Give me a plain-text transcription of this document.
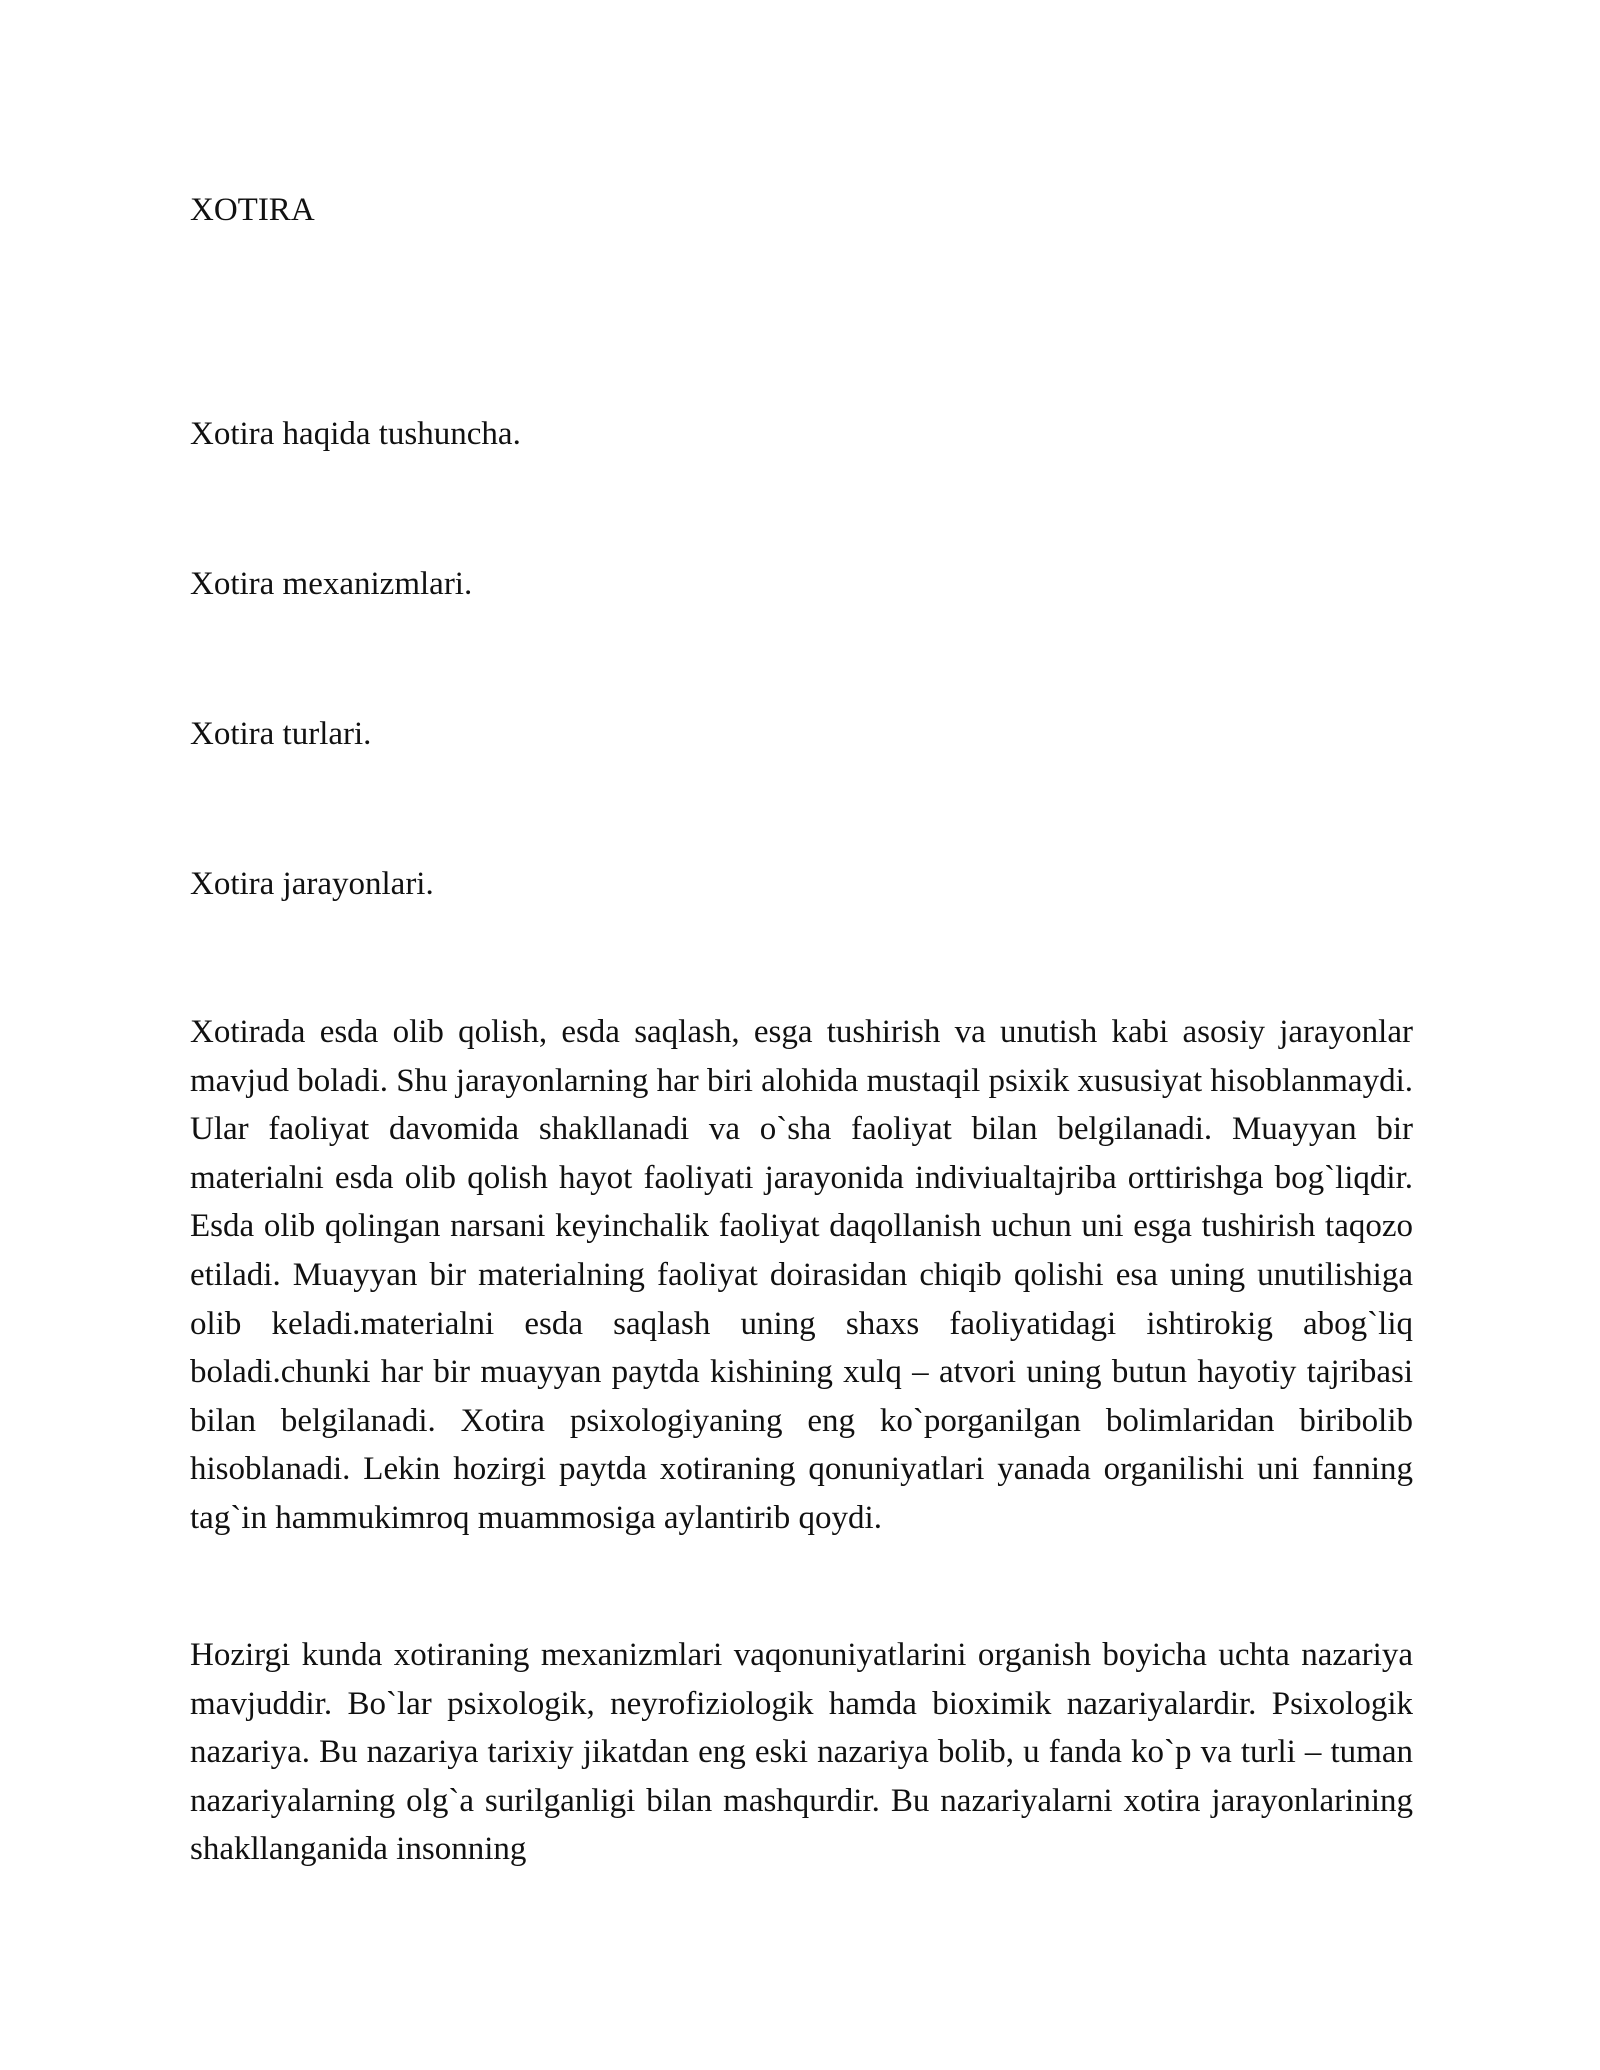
XOTIRA
Xotira haqida tushuncha.
Xotira mexanizmlari.
Xotira turlari.
Xotira jarayonlari.
Xotirada esda olib qolish, esda saqlash, esga tushirish va unutish kabi asosiy jarayonlar mavjud boladi. Shu jarayonlarning har biri alohida mustaqil psixik xususiyat hisoblanmaydi. Ular faoliyat davomida shakllanadi va o`sha faoliyat bilan belgilanadi. Muayyan bir materialni esda olib qolish hayot faoliyati jarayonida indiviualtajriba orttirishga bog`liqdir. Esda olib qolingan narsani keyinchalik faoliyat daqollanish uchun uni esga tushirish taqozo etiladi. Muayyan bir materialning faoliyat doirasidan chiqib qolishi esa uning unutilishiga olib keladi.materialni esda saqlash uning shaxs faoliyatidagi ishtirokig abog`liq boladi.chunki har bir muayyan paytda kishining xulq – atvori uning butun hayotiy tajribasi bilan belgilanadi. Xotira psixologiyaning eng ko`porganilgan bolimlaridan biribolib hisoblanadi. Lekin hozirgi paytda xotiraning qonuniyatlari yanada organilishi uni fanning tag`in hammukimroq muammosiga aylantirib qoydi.
Hozirgi kunda xotiraning mexanizmlari vaqonuniyatlarini organish boyicha uchta nazariya mavjuddir. Bo`lar psixologik, neyrofiziologik hamda bioximik nazariyalardir. Psixologik nazariya. Bu nazariya tarixiy jikatdan eng eski nazariya bolib, u fanda ko`p va turli – tuman nazariyalarning olg`a surilganligi bilan mashqurdir. Bu nazariyalarni xotira jarayonlarining shakllanganida insonning
